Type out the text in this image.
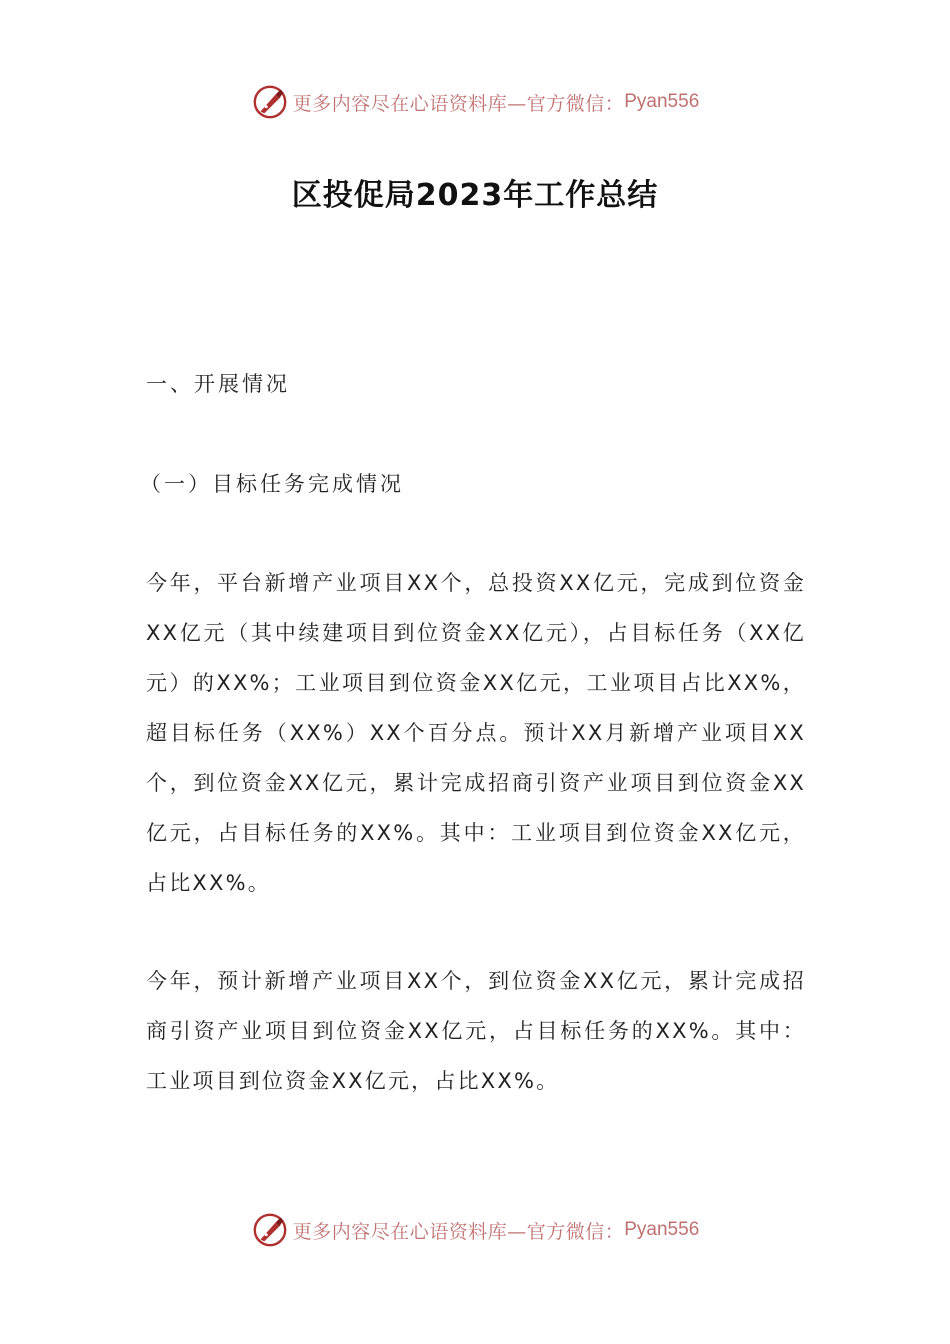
更多内容尽在心语资料库—官方微信： Pyan556
区投促局2023年工作总结
一、开展情况
（一）目标任务完成情况

今年，平台新增产业项目XX个，总投资XX亿元，完成到位资金XX亿元（其中续建项目到位资金XX亿元），占目标任务（XX亿元）的XX%；工业项目到位资金XX亿元，工业项目占比XX%，超目标任务（XX%）XX个百分点。预计XX月新增产业项目XX个，到位资金XX亿元，累计完成招商引资产业项目到位资金XX亿元，占目标任务的XX%。其中：工业项目到位资金XX亿元，占比XX%。

今年，预计新增产业项目XX个，到位资金XX亿元，累计完成招商引资产业项目到位资金XX亿元，占目标任务的XX%。其中：工业项目到位资金XX亿元，占比XX%。

更多内容尽在心语资料库—官方微信： Pyan556
